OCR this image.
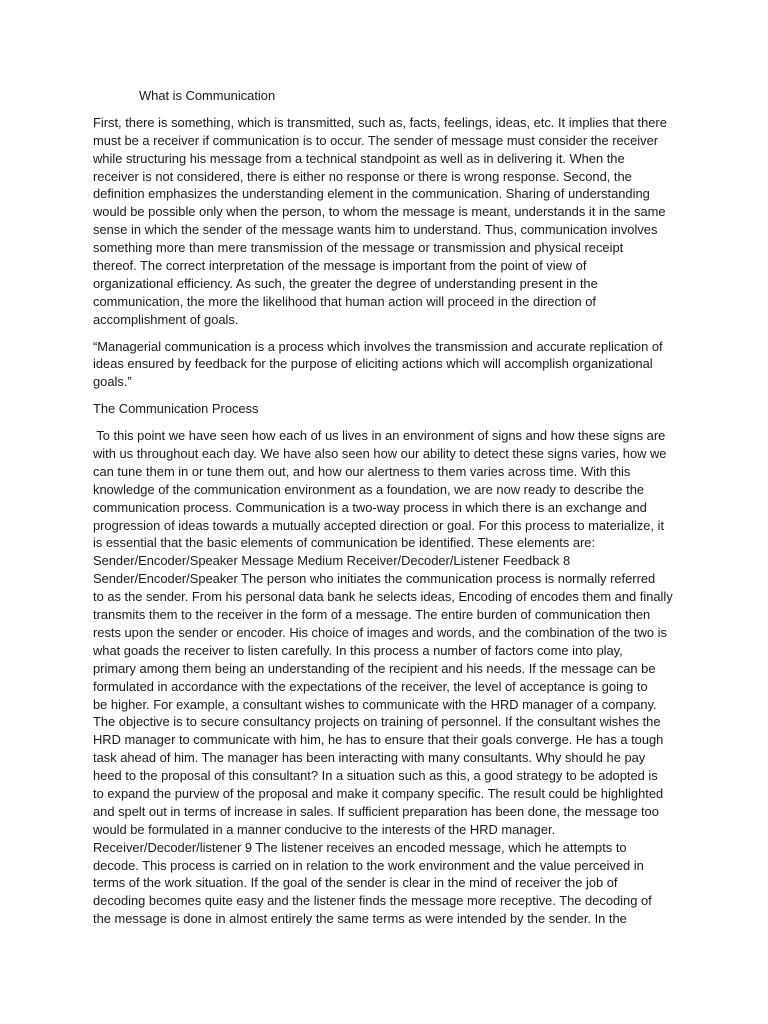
What is Communication
First, there is something, which is transmitted, such as, facts, feelings, ideas, etc. It implies that there
must be a receiver if communication is to occur. The sender of message must consider the receiver
while structuring his message from a technical standpoint as well as in delivering it. When the
receiver is not considered, there is either no response or there is wrong response. Second, the
definition emphasizes the understanding element in the communication. Sharing of understanding
would be possible only when the person, to whom the message is meant, understands it in the same
sense in which the sender of the message wants him to understand. Thus, communication involves
something more than mere transmission of the message or transmission and physical receipt
thereof. The correct interpretation of the message is important from the point of view of
organizational efficiency. As such, the greater the degree of understanding present in the
communication, the more the likelihood that human action will proceed in the direction of
accomplishment of goals.
“Managerial communication is a process which involves the transmission and accurate replication of
ideas ensured by feedback for the purpose of eliciting actions which will accomplish organizational
goals.”
The Communication Process
To this point we have seen how each of us lives in an environment of signs and how these signs are
with us throughout each day. We have also seen how our ability to detect these signs varies, how we
can tune them in or tune them out, and how our alertness to them varies across time. With this
knowledge of the communication environment as a foundation, we are now ready to describe the
communication process. Communication is a two-way process in which there is an exchange and
progression of ideas towards a mutually accepted direction or goal. For this process to materialize, it
is essential that the basic elements of communication be identified. These elements are:
Sender/Encoder/Speaker Message Medium Receiver/Decoder/Listener Feedback 8
Sender/Encoder/Speaker The person who initiates the communication process is normally referred
to as the sender. From his personal data bank he selects ideas, Encoding of encodes them and finally
transmits them to the receiver in the form of a message. The entire burden of communication then
rests upon the sender or encoder. His choice of images and words, and the combination of the two is
what goads the receiver to listen carefully. In this process a number of factors come into play,
primary among them being an understanding of the recipient and his needs. If the message can be
formulated in accordance with the expectations of the receiver, the level of acceptance is going to
be higher. For example, a consultant wishes to communicate with the HRD manager of a company.
The objective is to secure consultancy projects on training of personnel. If the consultant wishes the
HRD manager to communicate with him, he has to ensure that their goals converge. He has a tough
task ahead of him. The manager has been interacting with many consultants. Why should he pay
heed to the proposal of this consultant? In a situation such as this, a good strategy to be adopted is
to expand the purview of the proposal and make it company specific. The result could be highlighted
and spelt out in terms of increase in sales. If sufficient preparation has been done, the message too
would be formulated in a manner conducive to the interests of the HRD manager.
Receiver/Decoder/listener 9 The listener receives an encoded message, which he attempts to
decode. This process is carried on in relation to the work environment and the value perceived in
terms of the work situation. If the goal of the sender is clear in the mind of receiver the job of
decoding becomes quite easy and the listener finds the message more receptive. The decoding of
the message is done in almost entirely the same terms as were intended by the sender. In the
